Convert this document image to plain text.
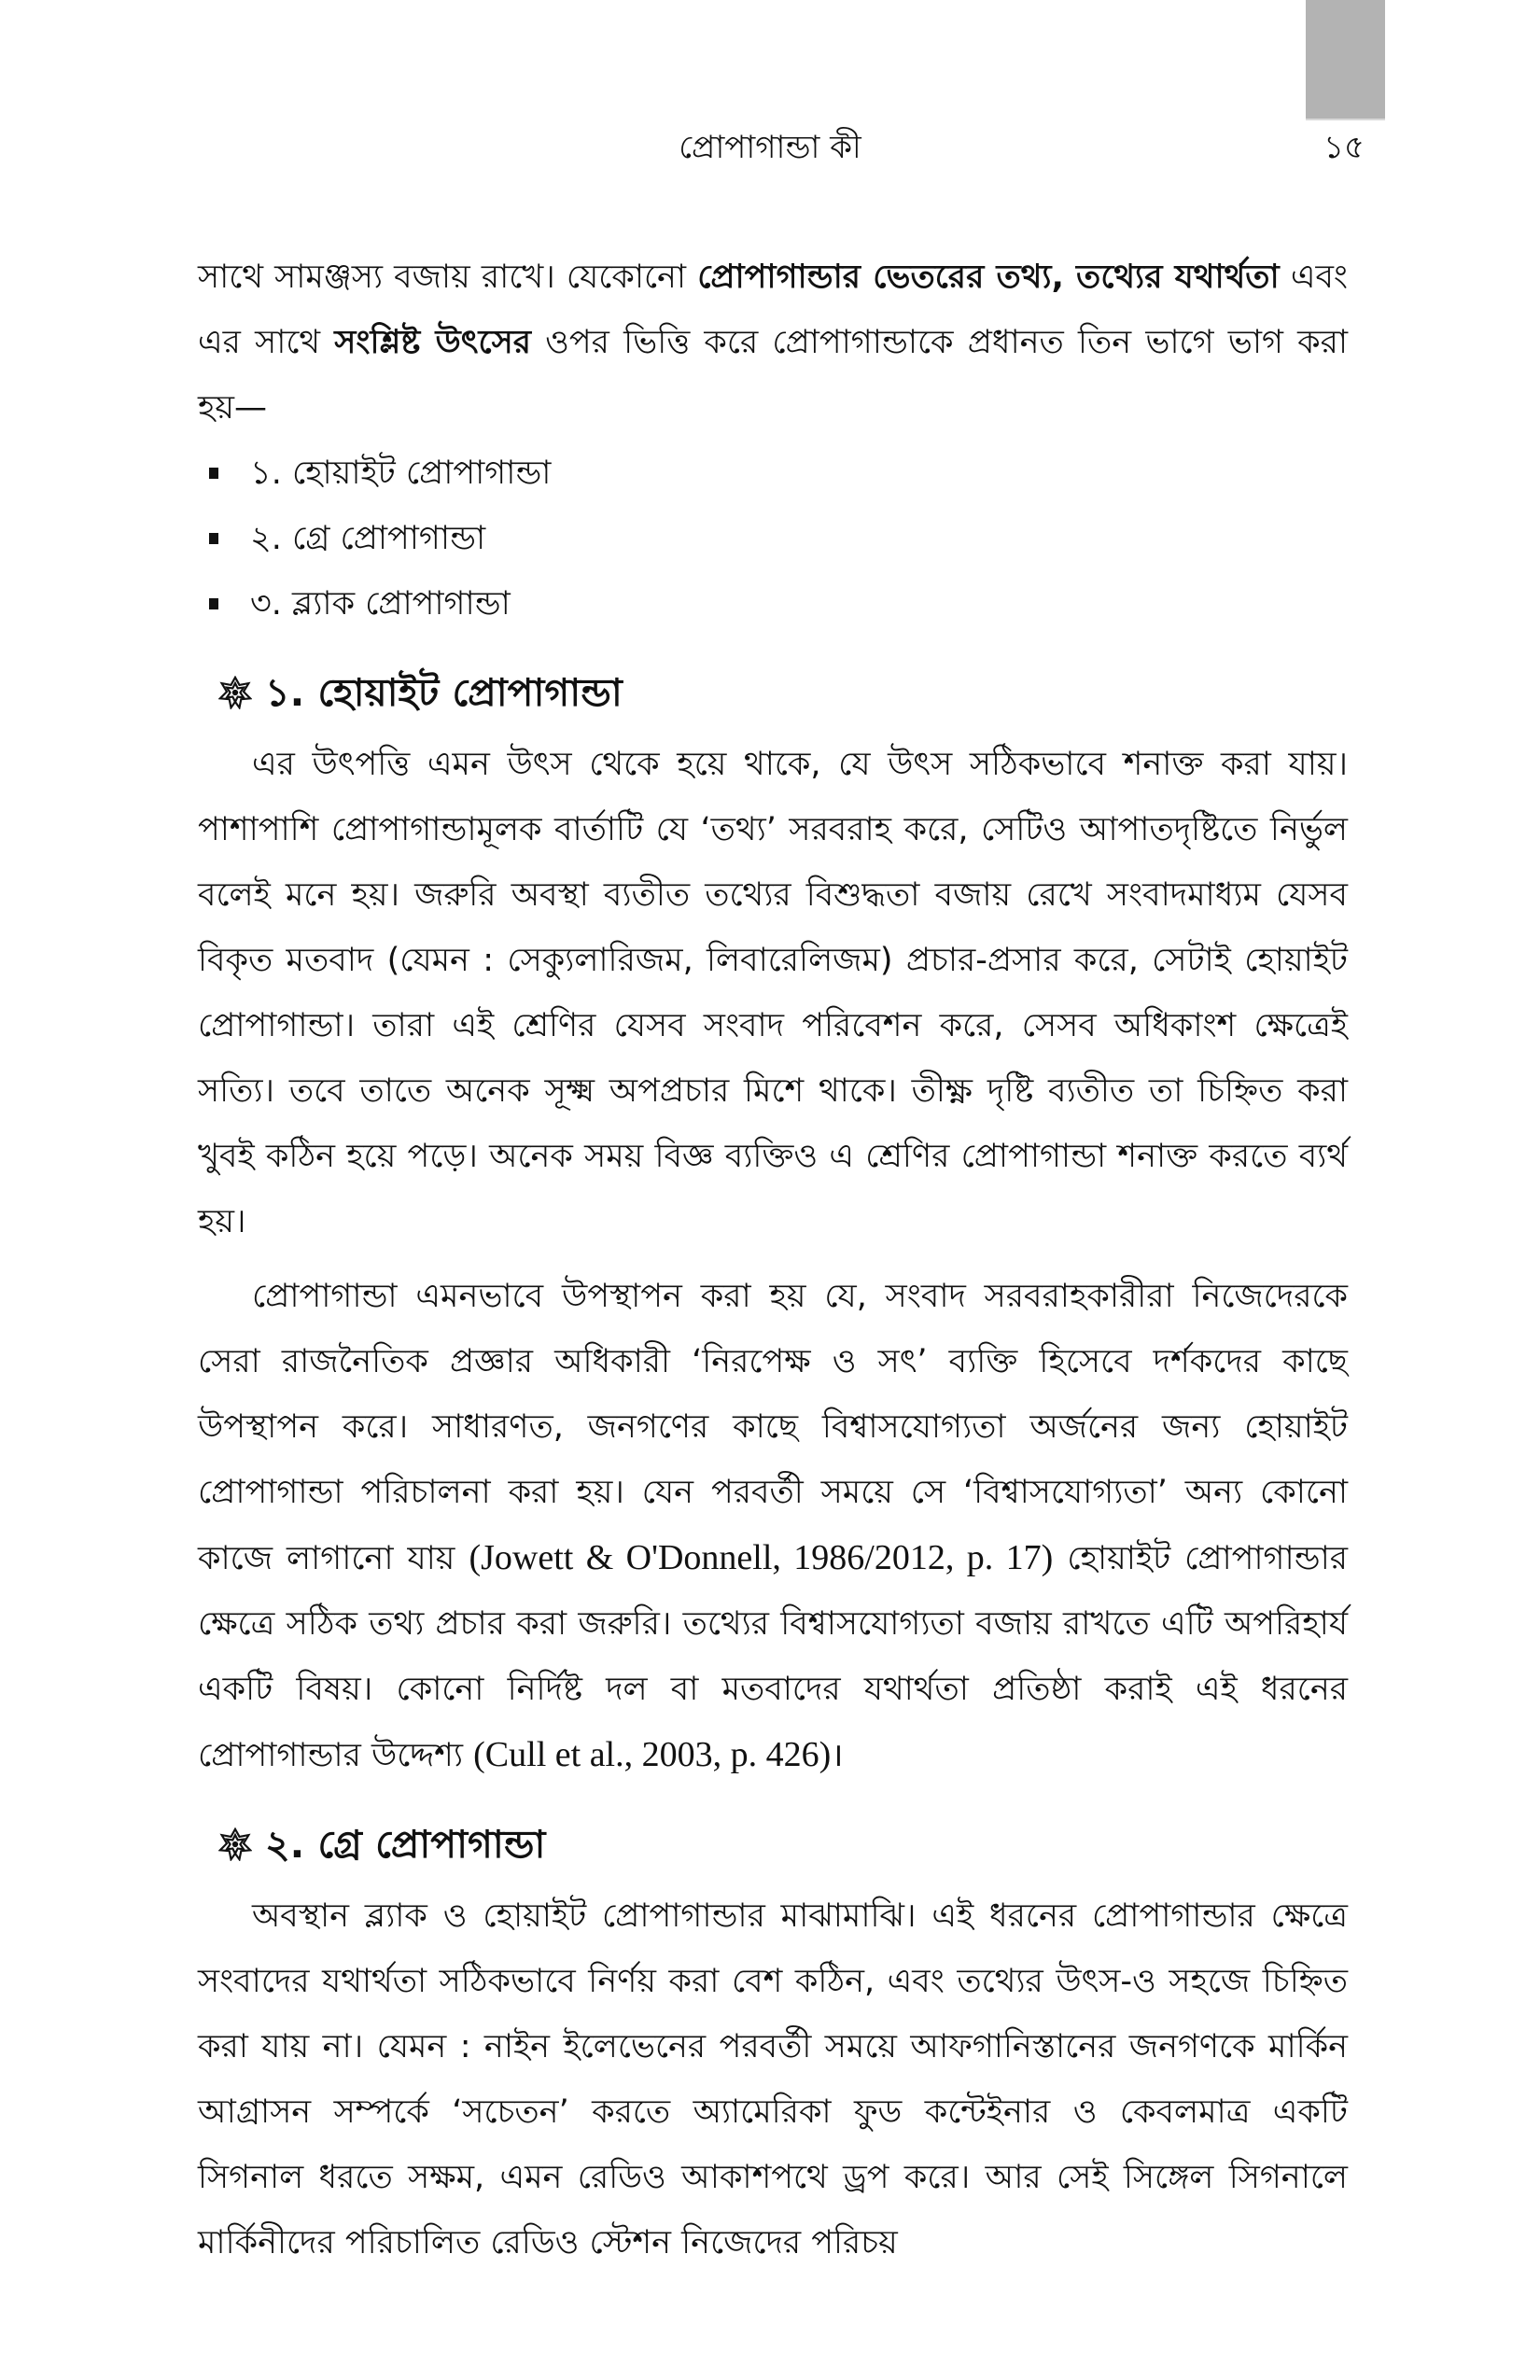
প্রোপাগান্ডা কী	১৫

সাথে সামঞ্জস্য বজায় রাখে। যেকোনো প্রোপাগান্ডার ভেতরের তথ্য, তথ্যের যথার্থতা এবং এর সাথে সংশ্লিষ্ট উৎসের ওপর ভিত্তি করে প্রোপাগান্ডাকে প্রধানত তিন ভাগে ভাগ করা হয়—

১. হোয়াইট প্রোপাগান্ডা
২. গ্রে প্রোপাগান্ডা
৩. ব্ল্যাক প্রোপাগান্ডা
১. হোয়াইট প্রোপাগান্ডা

এর উৎপত্তি এমন উৎস থেকে হয়ে থাকে, যে উৎস সঠিকভাবে শনাক্ত করা যায়। পাশাপাশি প্রোপাগান্ডামূলক বার্তাটি যে ‘তথ্য’ সরবরাহ করে, সেটিও আপাতদৃষ্টিতে নির্ভুল বলেই মনে হয়। জরুরি অবস্থা ব্যতীত তথ্যের বিশুদ্ধতা বজায় রেখে সংবাদমাধ্যম যেসব বিকৃত মতবাদ (যেমন : সেক্যুলারিজম, লিবারেলিজম) প্রচার-প্রসার করে, সেটাই হোয়াইট প্রোপাগান্ডা। তারা এই শ্রেণির যেসব সংবাদ পরিবেশন করে, সেসব অধিকাংশ ক্ষেত্রেই সত্যি। তবে তাতে অনেক সূক্ষ্ম অপপ্রচার মিশে থাকে। তীক্ষ্ণ দৃষ্টি ব্যতীত তা চিহ্নিত করা খুবই কঠিন হয়ে পড়ে। অনেক সময় বিজ্ঞ ব্যক্তিও এ শ্রেণির প্রোপাগান্ডা শনাক্ত করতে ব্যর্থ হয়।

প্রোপাগান্ডা এমনভাবে উপস্থাপন করা হয় যে, সংবাদ সরবরাহকারীরা নিজেদেরকে সেরা রাজনৈতিক প্রজ্ঞার অধিকারী ‘নিরপেক্ষ ও সৎ’ ব্যক্তি হিসেবে দর্শকদের কাছে উপস্থাপন করে। সাধারণত, জনগণের কাছে বিশ্বাসযোগ্যতা অর্জনের জন্য হোয়াইট প্রোপাগান্ডা পরিচালনা করা হয়। যেন পরবর্তী সময়ে সে ‘বিশ্বাসযোগ্যতা’ অন্য কোনো কাজে লাগানো যায় (Jowett & O'Donnell, 1986/2012, p. 17) হোয়াইট প্রোপাগান্ডার ক্ষেত্রে সঠিক তথ্য প্রচার করা জরুরি। তথ্যের বিশ্বাসযোগ্যতা বজায় রাখতে এটি অপরিহার্য একটি বিষয়। কোনো নির্দিষ্ট দল বা মতবাদের যথার্থতা প্রতিষ্ঠা করাই এই ধরনের প্রোপাগান্ডার উদ্দেশ্য (Cull et al., 2003, p. 426)।

২. গ্রে প্রোপাগান্ডা

অবস্থান ব্ল্যাক ও হোয়াইট প্রোপাগান্ডার মাঝামাঝি। এই ধরনের প্রোপাগান্ডার ক্ষেত্রে সংবাদের যথার্থতা সঠিকভাবে নির্ণয় করা বেশ কঠিন, এবং তথ্যের উৎস-ও সহজে চিহ্নিত করা যায় না। যেমন : নাইন ইলেভেনের পরবর্তী সময়ে আফগানিস্তানের জনগণকে মার্কিন আগ্রাসন সম্পর্কে ‘সচেতন’ করতে অ্যামেরিকা ফুড কন্টেইনার ও কেবলমাত্র একটি সিগনাল ধরতে সক্ষম, এমন রেডিও আকাশপথে ড্রপ করে। আর সেই সিঙ্গেল সিগনালে মার্কিনীদের পরিচালিত রেডিও স্টেশন নিজেদের পরিচয়
